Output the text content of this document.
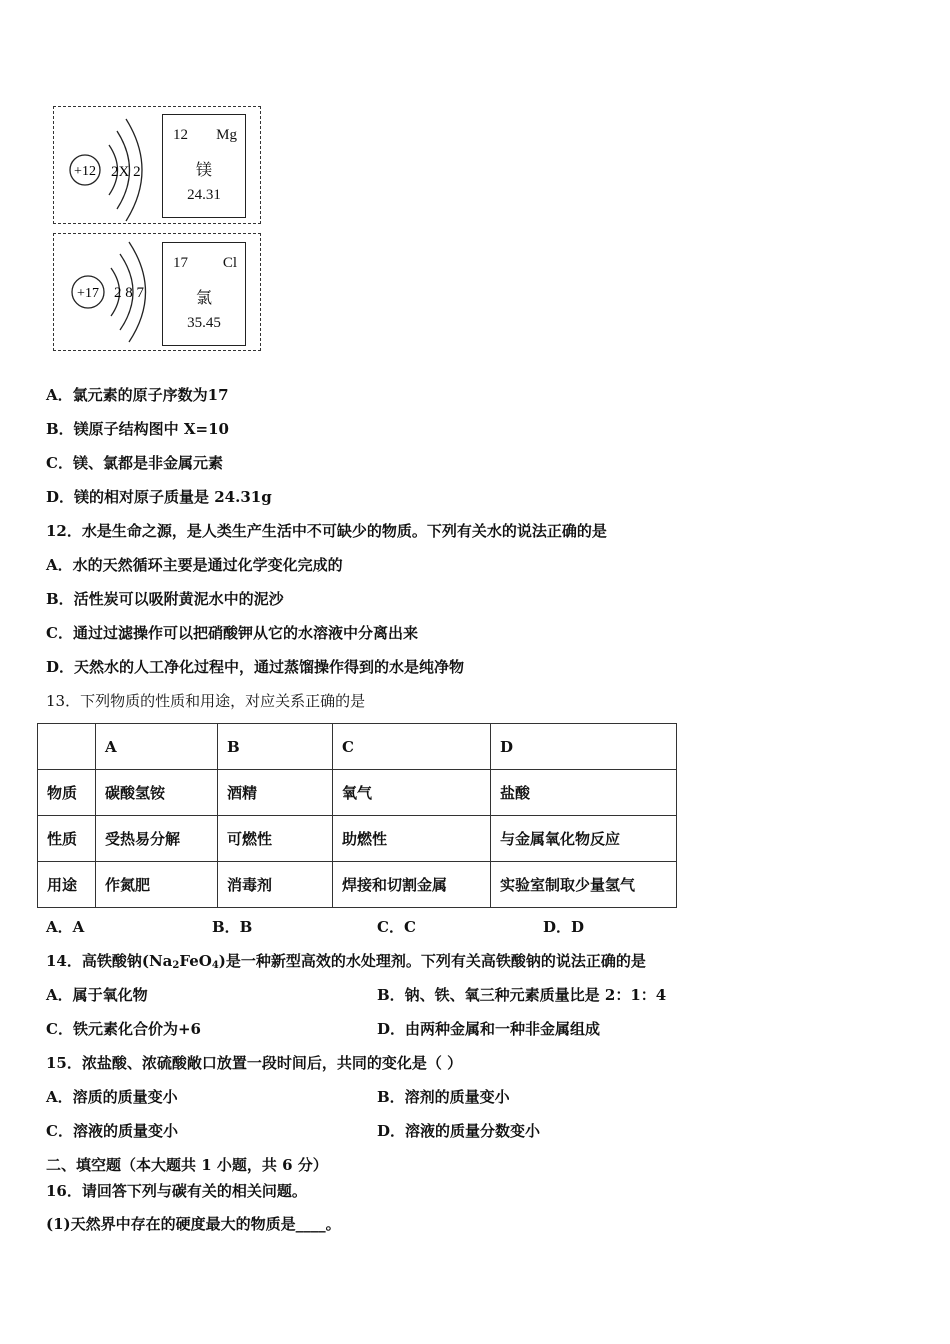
+12 2X 2
12 Mg
镁
24.31
+17 2 8 7
17 Cl
氯
35.45
A．氯元素的原子序数为17
B．镁原子结构图中 X=10
C．镁、氯都是非金属元素
D．镁的相对原子质量是 24.31g
12．水是生命之源，是人类生产生活中不可缺少的物质。下列有关水的说法正确的是
A．水的天然循环主要是通过化学变化完成的
B．活性炭可以吸附黄泥水中的泥沙
C．通过过滤操作可以把硝酸钾从它的水溶液中分离出来
D．天然水的人工净化过程中，通过蒸馏操作得到的水是纯净物
13．下列物质的性质和用途，对应关系正确的是
	A	B	C	D
物质	碳酸氢铵	酒精	氧气	盐酸
性质	受热易分解	可燃性	助燃性	与金属氧化物反应
用途	作氮肥	消毒剂	焊接和切割金属	实验室制取少量氢气
A．A	B．B	C．C	D．D
14．高铁酸钠$(Na_2FeO_4)$是一种新型高效的水处理剂。下列有关高铁酸钠的说法正确的是
A．属于氧化物	B．钠、铁、氧三种元素质量比是 2：1：4
C．铁元素化合价为+6	D．由两种金属和一种非金属组成
15．浓盐酸、浓硫酸敞口放置一段时间后，共同的变化是（ ）
A．溶质的质量变小	B．溶剂的质量变小
C．溶液的质量变小	D．溶液的质量分数变小
二、填空题（本大题共 1 小题，共 6 分）
16．请回答下列与碳有关的相关问题。
(1)天然界中存在的硬度最大的物质是____。
